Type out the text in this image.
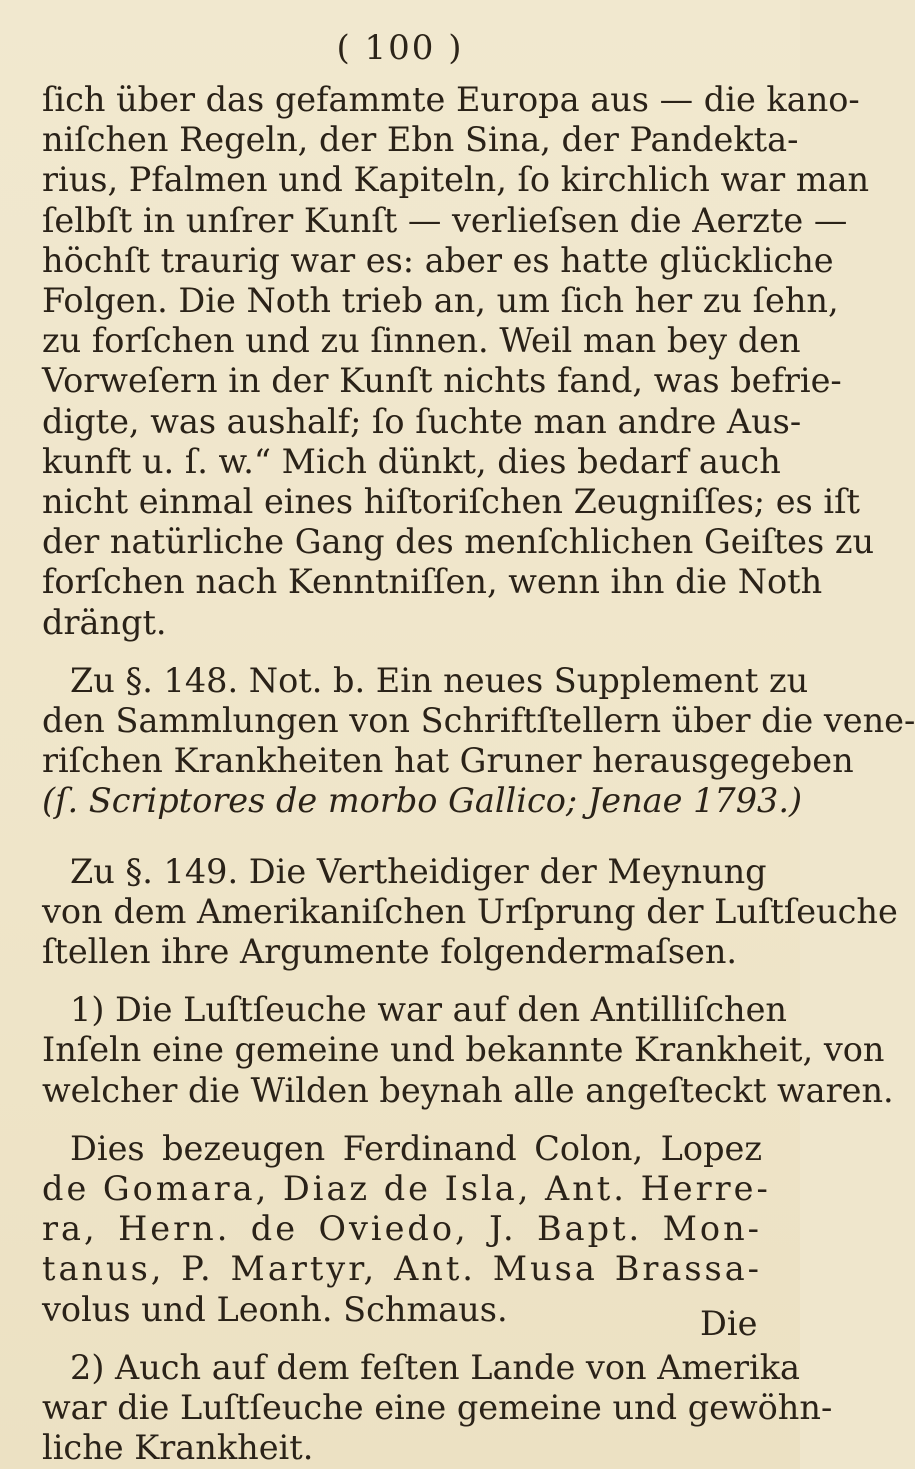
( 100 )
ſich über das gefammte Europa aus — die kano-
niſchen Regeln, der Ebn Sina, der Pandekta-
rius, Pfalmen und Kapiteln, ſo kirchlich war man
ſelbſt in unſrer Kunſt — verlieſsen die Aerzte —
höchſt traurig war es: aber es hatte glückliche
Folgen. Die Noth trieb an, um ſich her zu ſehn,
zu forſchen und zu ſinnen. Weil man bey den
Vorweſern in der Kunſt nichts fand, was befrie-
digte, was aushalf; ſo ſuchte man andre Aus-
kunft u. ſ. w.“ Mich dünkt, dies bedarf auch
nicht einmal eines hiſtoriſchen Zeugniſſes; es iſt
der natürliche Gang des menſchlichen Geiſtes zu
forſchen nach Kenntniſſen, wenn ihn die Noth
drängt.
Zu §. 148. Not. b. Ein neues Supplement zu
den Sammlungen von Schriftſtellern über die vene-
riſchen Krankheiten hat Gruner herausgegeben
(ſ. Scriptores de morbo Gallico; Jenae 1793.)
Zu §. 149. Die Vertheidiger der Meynung
von dem Amerikaniſchen Urſprung der Luſtſeuche
ſtellen ihre Argumente folgendermaſsen.
1) Die Luſtſeuche war auf den Antilliſchen
Inſeln eine gemeine und bekannte Krankheit, von
welcher die Wilden beynah alle angeſteckt waren.
Dies bezeugen Ferdinand Colon, Lopez
de Gomara, Diaz de Isla, Ant. Herre-
ra, Hern. de Oviedo, J. Bapt. Mon-
tanus, P. Martyr, Ant. Musa Brassa-
volus und Leonh. Schmaus.
2) Auch auf dem feſten Lande von Amerika
war die Luſtſeuche eine gemeine und gewöhn-
liche Krankheit.
Die
